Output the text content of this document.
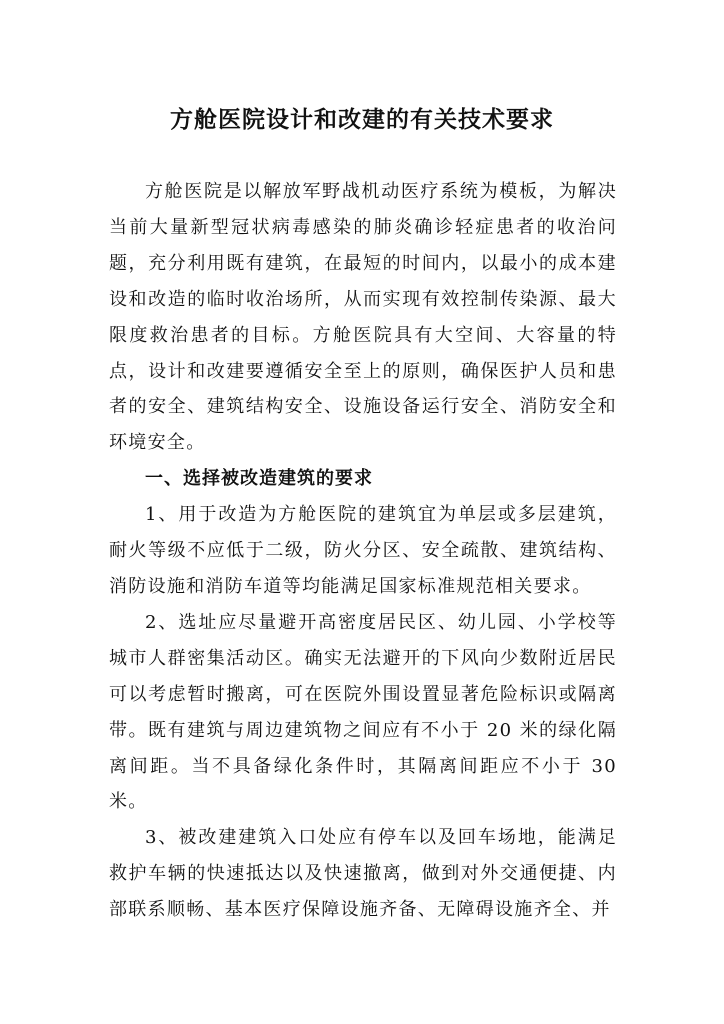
方舱医院设计和改建的有关技术要求

方舱医院是以解放军野战机动医疗系统为模板，为解决当前大量新型冠状病毒感染的肺炎确诊轻症患者的收治问题，充分利用既有建筑，在最短的时间内，以最小的成本建设和改造的临时收治场所，从而实现有效控制传染源、最大限度救治患者的目标。方舱医院具有大空间、大容量的特点，设计和改建要遵循安全至上的原则，确保医护人员和患者的安全、建筑结构安全、设施设备运行安全、消防安全和环境安全。

一、选择被改造建筑的要求

1、用于改造为方舱医院的建筑宜为单层或多层建筑，耐火等级不应低于二级，防火分区、安全疏散、建筑结构、消防设施和消防车道等均能满足国家标准规范相关要求。

2、选址应尽量避开高密度居民区、幼儿园、小学校等城市人群密集活动区。确实无法避开的下风向少数附近居民可以考虑暂时搬离，可在医院外围设置显著危险标识或隔离带。既有建筑与周边建筑物之间应有不小于 20 米的绿化隔离间距。当不具备绿化条件时，其隔离间距应不小于 30 米。

3、被改建建筑入口处应有停车以及回车场地，能满足救护车辆的快速抵达以及快速撤离，做到对外交通便捷、内部联系顺畅、基本医疗保障设施齐备、无障碍设施齐全、并
